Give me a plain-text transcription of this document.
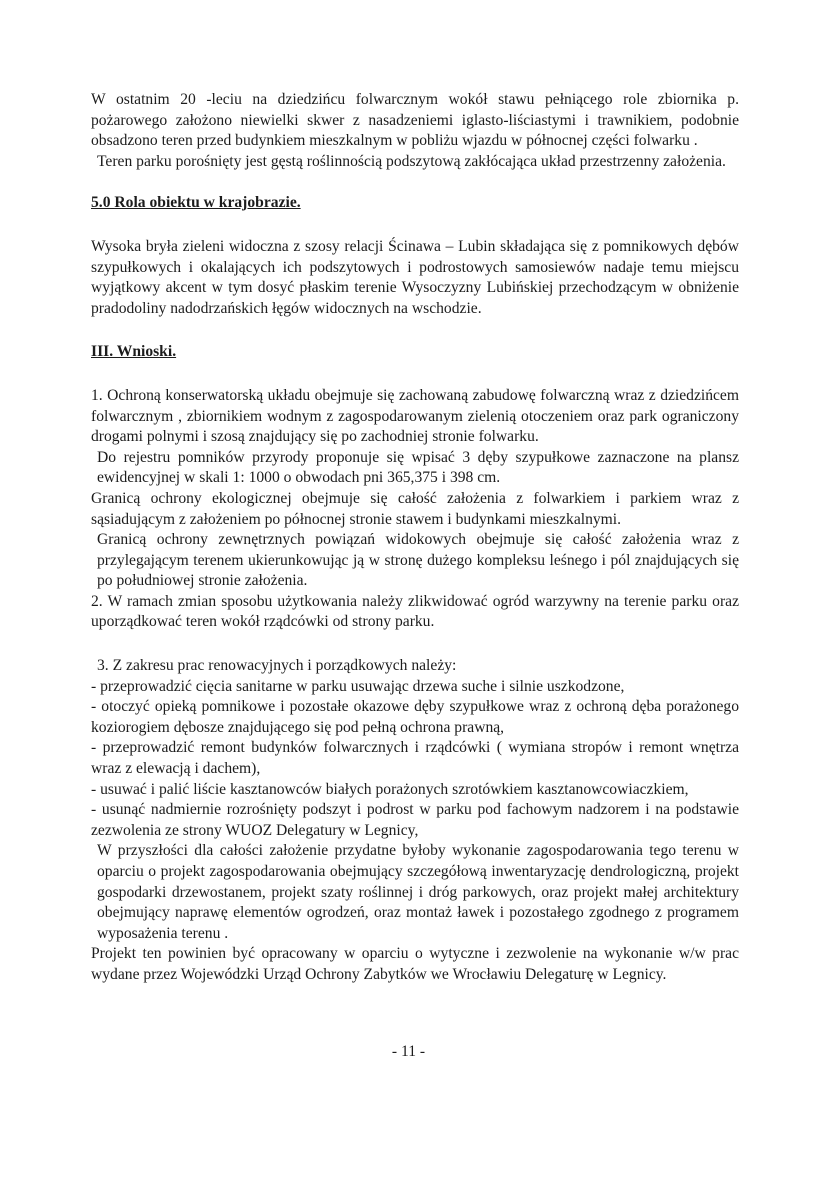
W ostatnim 20 -leciu na dziedzińcu folwarcznym wokół stawu pełniącego role zbiornika p. pożarowego założono niewielki skwer z nasadzeniemi iglasto-liściastymi i trawnikiem, podobnie obsadzono teren przed budynkiem mieszkalnym w pobliżu wjazdu w północnej części folwarku .

Teren parku porośnięty jest gęstą roślinnością podszytową zakłócająca układ przestrzenny założenia.

5.0 Rola obiektu w krajobrazie.

Wysoka bryła zieleni widoczna z szosy relacji Ścinawa – Lubin składająca się z pomnikowych dębów szypułkowych i okalających ich podszytowych i podrostowych samosiewów nadaje temu miejscu wyjątkowy akcent w tym dosyć płaskim terenie Wysoczyzny Lubińskiej przechodzącym w obniżenie pradodoliny nadodrzańskich łęgów widocznych na wschodzie.

III. Wnioski.

1. Ochroną konserwatorską układu obejmuje się zachowaną zabudowę folwarczną wraz z dziedzińcem folwarcznym , zbiornikiem wodnym z zagospodarowanym zielenią otoczeniem oraz park ograniczony drogami polnymi i szosą znajdujący się po zachodniej stronie folwarku.

Do rejestru pomników przyrody proponuje się wpisać 3 dęby szypułkowe zaznaczone na plansz ewidencyjnej w skali 1: 1000 o obwodach pni 365,375 i 398 cm.

Granicą ochrony ekologicznej obejmuje się całość założenia z folwarkiem i parkiem wraz z sąsiadującym z założeniem po północnej stronie stawem i budynkami mieszkalnymi.

Granicą ochrony zewnętrznych powiązań widokowych obejmuje się całość założenia wraz z przylegającym terenem ukierunkowując ją w stronę dużego kompleksu leśnego i pól znajdujących się po południowej stronie założenia.

2. W ramach zmian sposobu użytkowania należy zlikwidować ogród warzywny na terenie parku oraz uporządkować teren wokół rządcówki od strony parku.

3. Z zakresu prac renowacyjnych i porządkowych należy:

- przeprowadzić cięcia sanitarne w parku usuwając drzewa suche i silnie uszkodzone,

- otoczyć opieką pomnikowe i pozostałe okazowe dęby szypułkowe wraz z ochroną dęba porażonego koziorogiem dębosze znajdującego się pod pełną ochrona prawną,

- przeprowadzić remont budynków folwarcznych i rządcówki ( wymiana stropów i remont wnętrza wraz z elewacją i dachem),

- usuwać i palić liście kasztanowców białych porażonych szrotówkiem kasztanowcowiaczkiem,

- usunąć nadmiernie rozrośnięty podszyt i podrost w parku pod fachowym nadzorem i na podstawie zezwolenia ze strony WUOZ Delegatury w Legnicy,

W przyszłości dla całości założenie przydatne byłoby wykonanie zagospodarowania tego terenu w oparciu o projekt zagospodarowania obejmujący szczegółową inwentaryzację dendrologiczną, projekt gospodarki drzewostanem, projekt szaty roślinnej i dróg parkowych, oraz projekt małej architektury obejmujący naprawę elementów ogrodzeń, oraz montaż ławek i pozostałego zgodnego z programem wyposażenia terenu .

Projekt ten powinien być opracowany w oparciu o wytyczne i zezwolenie na wykonanie w/w prac wydane przez Wojewódzki Urząd Ochrony Zabytków we Wrocławiu Delegaturę w Legnicy.

- 11 -
